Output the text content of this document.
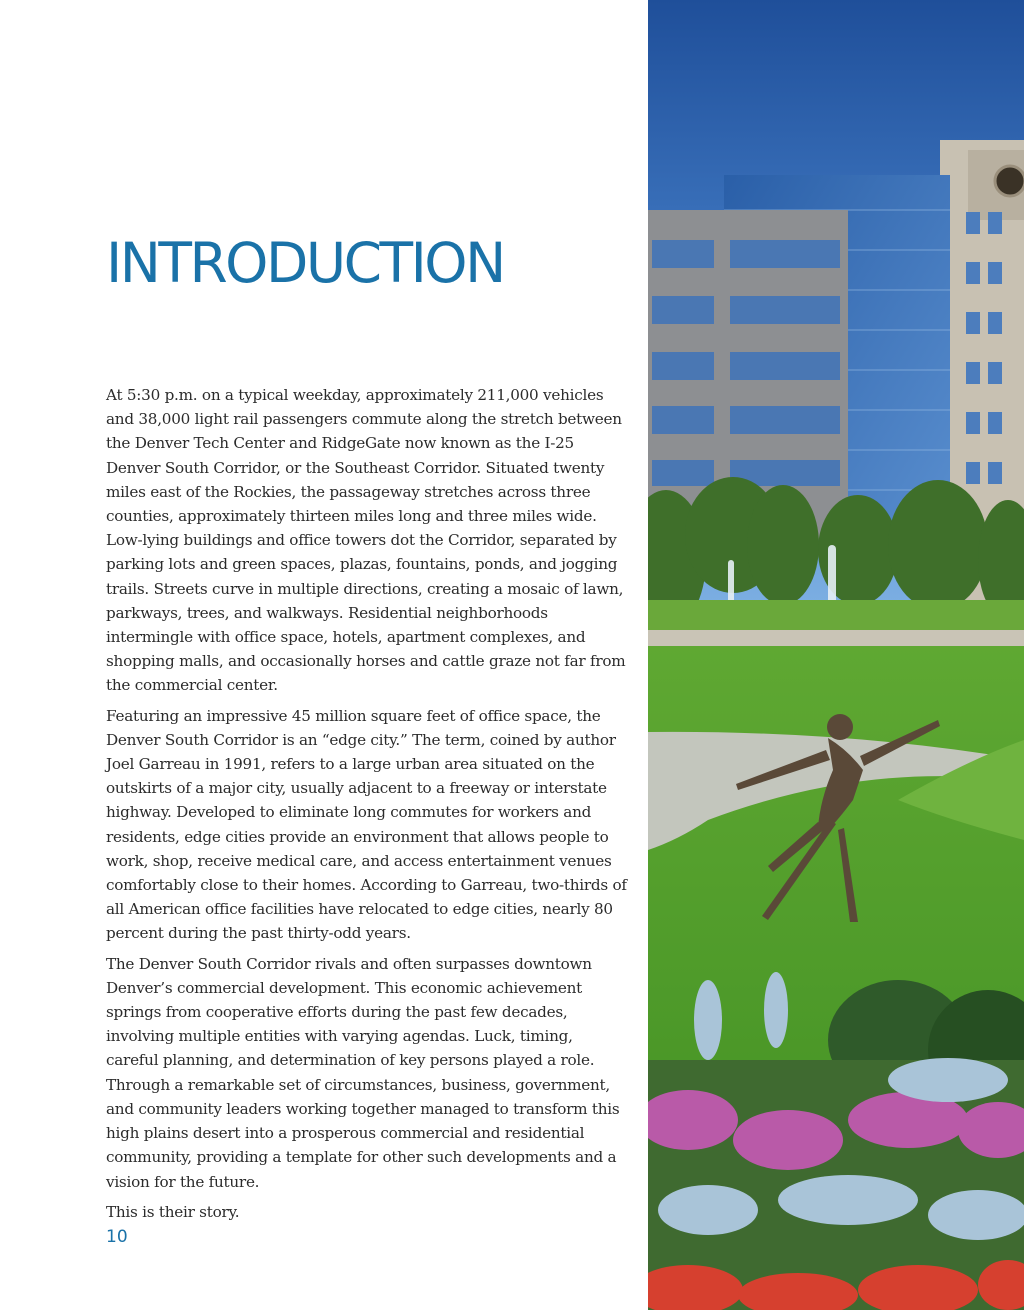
INTRODUCTION

At 5:30 p.m. on a typical weekday, approximately 211,000 vehicles and 38,000 light rail passengers commute along the stretch between the Denver Tech Center and RidgeGate now known as the I-25 Denver South Corridor, or the Southeast Corridor. Situated twenty miles east of the Rockies, the passageway stretches across three counties, approximately thirteen miles long and three miles wide. Low-lying buildings and office towers dot the Corridor, separated by parking lots and green spaces, plazas, fountains, ponds, and jogging trails. Streets curve in multiple directions, creating a mosaic of lawn, parkways, trees, and walkways. Residential neighborhoods intermingle with office space, hotels, apartment complexes, and shopping malls, and occasionally horses and cattle graze not far from the commercial center.

Featuring an impressive 45 million square feet of office space, the Denver South Corridor is an “edge city.” The term, coined by author Joel Garreau in 1991, refers to a large urban area situated on the outskirts of a major city, usually adjacent to a freeway or interstate highway. Developed to eliminate long commutes for workers and residents, edge cities provide an environment that allows people to work, shop, receive medical care, and access entertainment venues comfortably close to their homes. According to Garreau, two-thirds of all American office facilities have relocated to edge cities, nearly 80 percent during the past thirty-odd years.

The Denver South Corridor rivals and often surpasses downtown Denver’s commercial development. This economic achievement springs from cooperative efforts during the past few decades, involving multiple entities with varying agendas. Luck, timing, careful planning, and determination of key persons played a role. Through a remarkable set of circumstances, business, government, and community leaders working together managed to transform this high plains desert into a prosperous commercial and residential community, providing a template for other such developments and a vision for the future.

This is their story.

10
